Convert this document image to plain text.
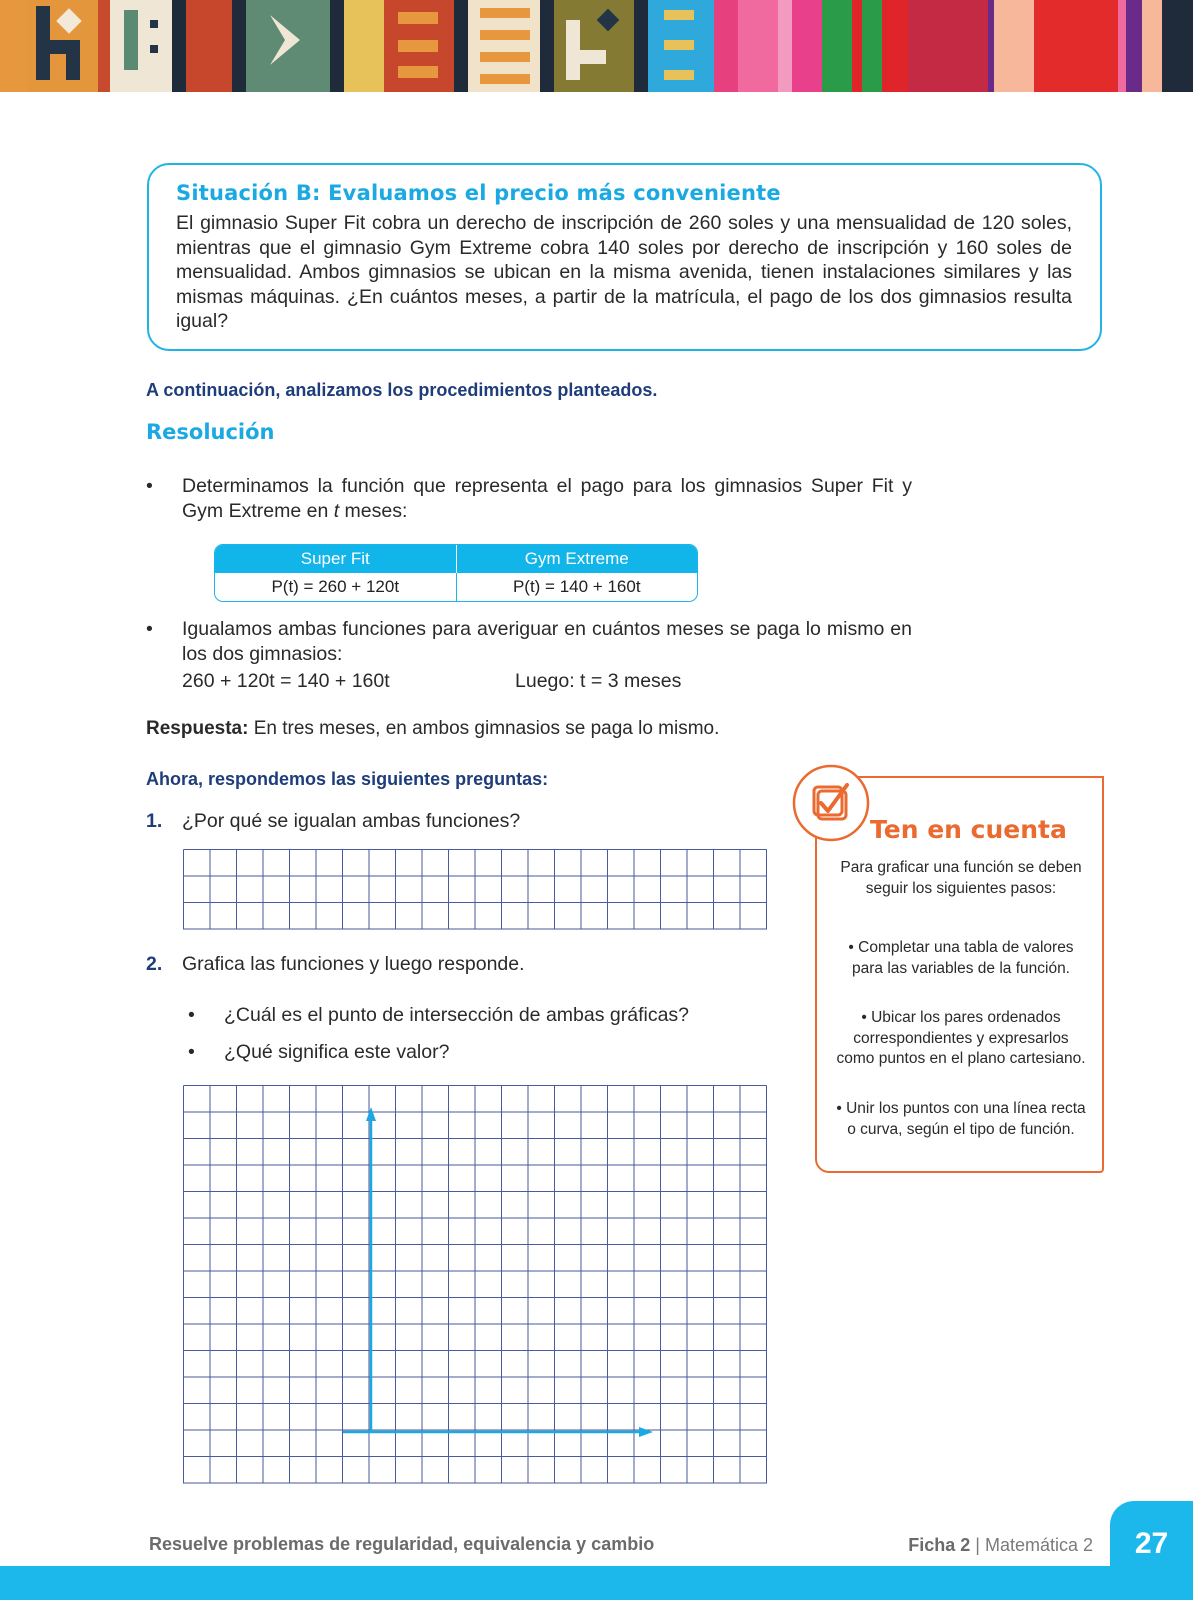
Situación B: Evaluamos el precio más conveniente

El gimnasio Super Fit cobra un derecho de inscripción de 260 soles y una mensualidad de 120 soles, mientras que el gimnasio Gym Extreme cobra 140 soles por derecho de inscripción y 160 soles de mensualidad. Ambos gimnasios se ubican en la misma avenida, tienen instalaciones similares y las mismas máquinas. ¿En cuántos meses, a partir de la matrícula, el pago de los dos gimnasios resulta igual?

A continuación, analizamos los procedimientos planteados.
Resolución
• Determinamos la función que representa el pago para los gimnasios Super Fit y Gym Extreme en t meses:
Super Fit	Gym Extreme
P(t) = 260 + 120t	P(t) = 140 + 160t
• Igualamos ambas funciones para averiguar en cuántos meses se paga lo mismo en los dos gimnasios:
260 + 120t = 140 + 160t	Luego: t = 3 meses
Respuesta: En tres meses, en ambos gimnasios se paga lo mismo.
Ahora, respondemos las siguientes preguntas:
1. ¿Por qué se igualan ambas funciones?
2. Grafica las funciones y luego responde.
• ¿Cuál es el punto de intersección de ambas gráficas?
• ¿Qué significa este valor?
Ten en cuenta
Para graficar una función se deben seguir los siguientes pasos:
• Completar una tabla de valores para las variables de la función.
• Ubicar los pares ordenados correspondientes y expresarlos como puntos en el plano cartesiano.
• Unir los puntos con una línea recta o curva, según el tipo de función.
27
Resuelve problemas de regularidad, equivalencia y cambio	Ficha 2 | Matemática 2
